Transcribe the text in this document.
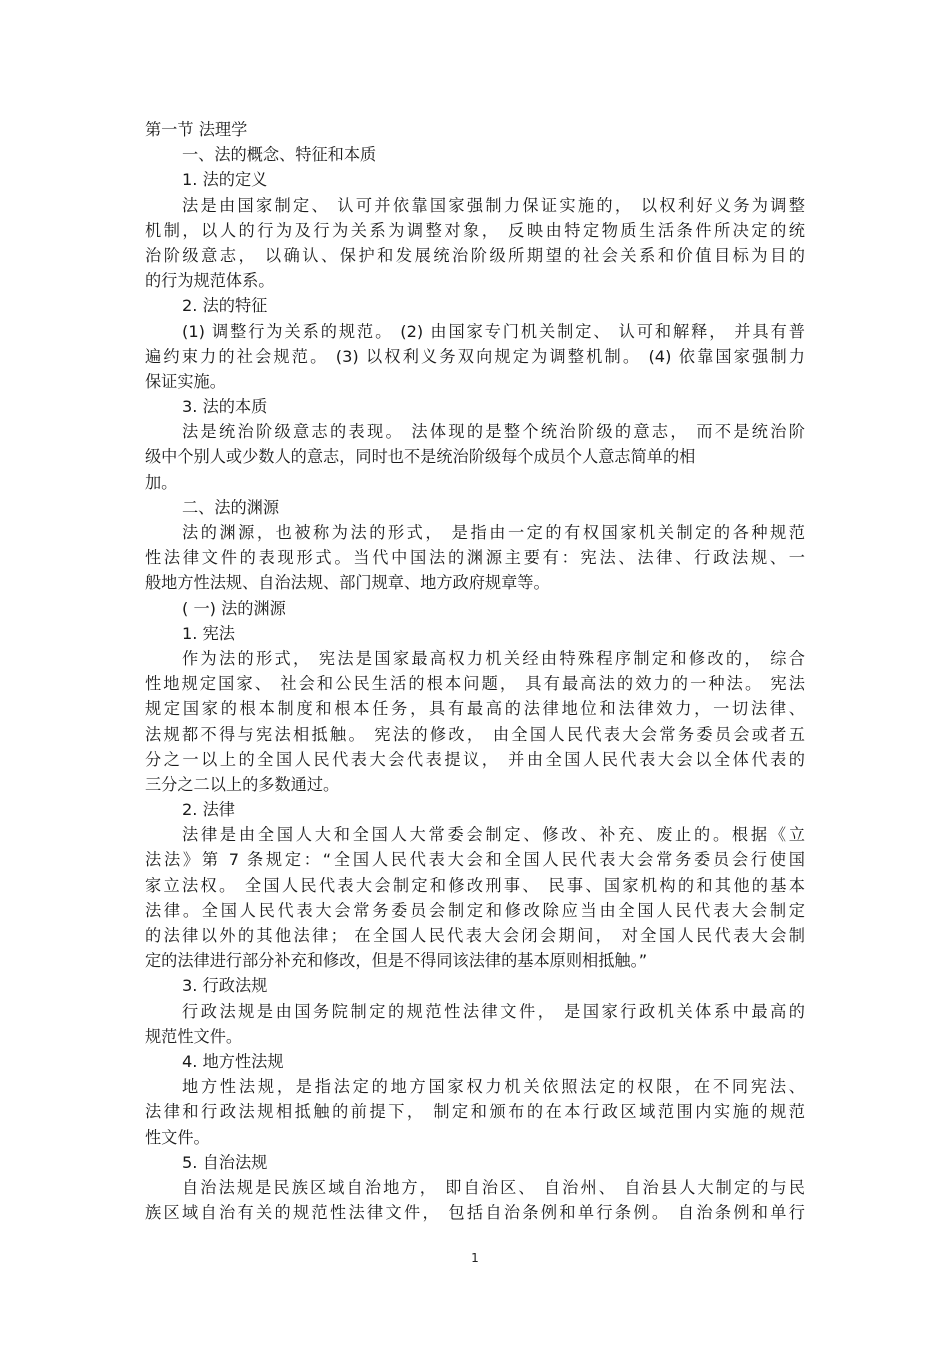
第一节 法理学
一、法的概念、特征和本质
1. 法的定义
法是由国家制定、 认可并依靠国家强制力保证实施的， 以权利好义务为调整
机制，以人的行为及行为关系为调整对象， 反映由特定物质生活条件所决定的统
治阶级意志， 以确认、保护和发展统治阶级所期望的社会关系和价值目标为目的
的行为规范体系。
2. 法的特征
(1) 调整行为关系的规范。 (2) 由国家专门机关制定、 认可和解释， 并具有普
遍约束力的社会规范。 (3) 以权利义务双向规定为调整机制。 (4) 依靠国家强制力
保证实施。
3. 法的本质
法是统治阶级意志的表现。 法体现的是整个统治阶级的意志， 而不是统治阶
级中个别人或少数人的意志，同时也不是统治阶级每个成员个人意志简单的相
加。
二、法的渊源
法的渊源，也被称为法的形式， 是指由一定的有权国家机关制定的各种规范
性法律文件的表现形式。当代中国法的渊源主要有：宪法、法律、行政法规、一
般地方性法规、自治法规、部门规章、地方政府规章等。
( 一) 法的渊源
1. 宪法
作为法的形式， 宪法是国家最高权力机关经由特殊程序制定和修改的， 综合
性地规定国家、 社会和公民生活的根本问题， 具有最高法的效力的一种法。 宪法
规定国家的根本制度和根本任务，具有最高的法律地位和法律效力，一切法律、
法规都不得与宪法相抵触。 宪法的修改， 由全国人民代表大会常务委员会或者五
分之一以上的全国人民代表大会代表提议， 并由全国人民代表大会以全体代表的
三分之二以上的多数通过。
2. 法律
法律是由全国人大和全国人大常委会制定、修改、补充、废止的。根据《立
法法》第 7 条规定：“全国人民代表大会和全国人民代表大会常务委员会行使国
家立法权。 全国人民代表大会制定和修改刑事、 民事、国家机构的和其他的基本
法律。全国人民代表大会常务委员会制定和修改除应当由全国人民代表大会制定
的法律以外的其他法律； 在全国人民代表大会闭会期间， 对全国人民代表大会制
定的法律进行部分补充和修改，但是不得同该法律的基本原则相抵触。”
3. 行政法规
行政法规是由国务院制定的规范性法律文件， 是国家行政机关体系中最高的
规范性文件。
4. 地方性法规
地方性法规，是指法定的地方国家权力机关依照法定的权限，在不同宪法、
法律和行政法规相抵触的前提下， 制定和颁布的在本行政区域范围内实施的规范
性文件。
5. 自治法规
自治法规是民族区域自治地方， 即自治区、 自治州、 自治县人大制定的与民
族区域自治有关的规范性法律文件， 包括自治条例和单行条例。 自治条例和单行
1
